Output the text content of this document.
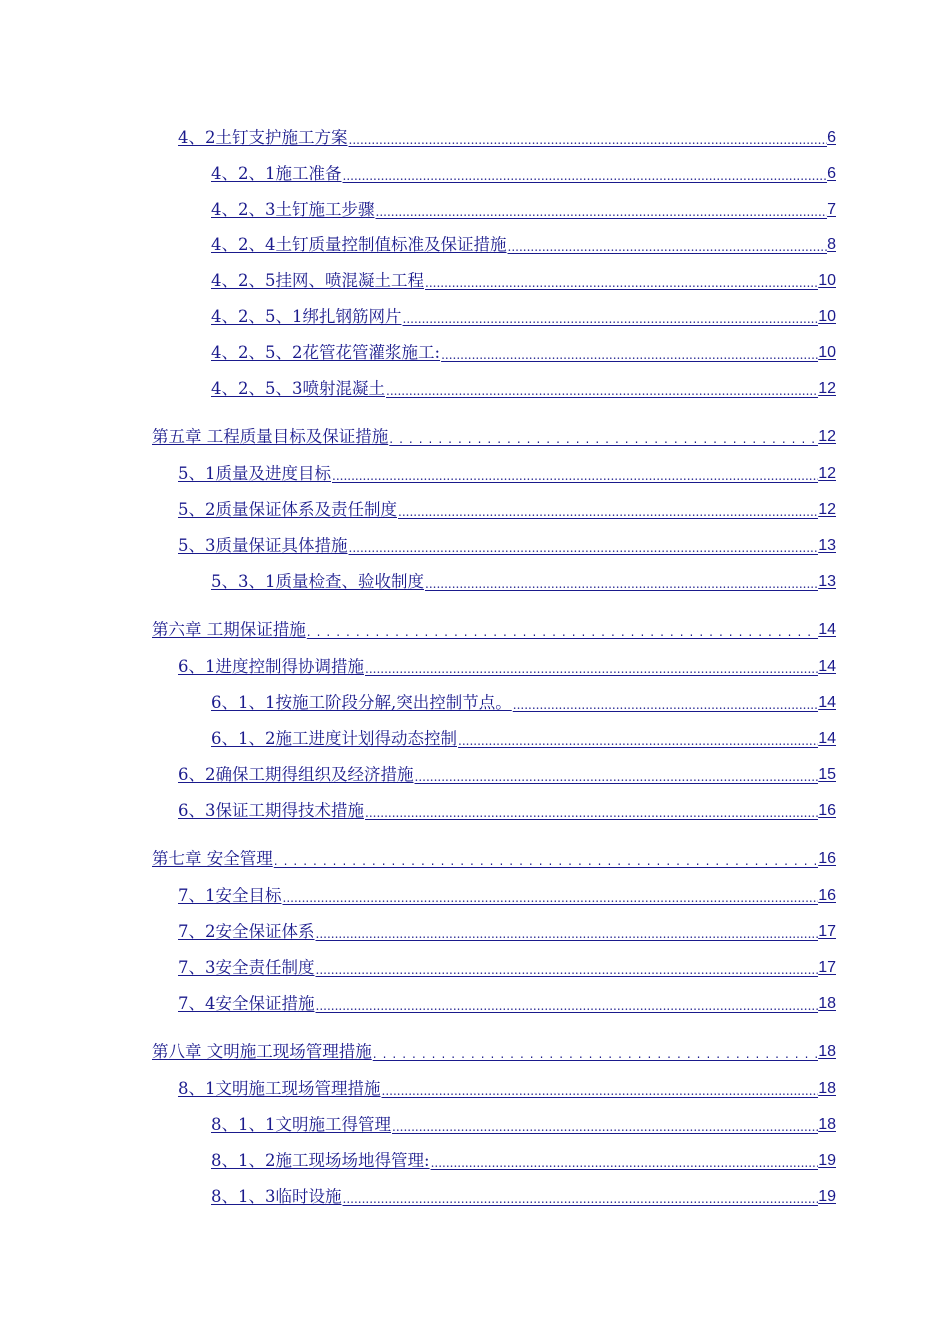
4、2土钉支护施工方案 .....	6
4、2、1施工准备 .....	6
4、2、3土钉施工步骤 .....	7
4、2、4土钉质量控制值标准及保证措施 .....	8
4、2、5挂网、喷混凝土工程 .....	10
4、2、5、1绑扎钢筋网片 .....	10
4、2、5、2花管花管灌浆施工: .....	10
4、2、5、3喷射混凝土 .....	12
第五章 工程质量目标及保证措施 .....	12
5、1质量及进度目标 .....	12
5、2质量保证体系及责任制度 .....	12
5、3质量保证具体措施 .....	13
5、3、1质量检查、验收制度 .....	13
第六章 工期保证措施 .....	14
6、1进度控制得协调措施 .....	14
6、1、1按施工阶段分解,突出控制节点。 .....	14
6、1、2施工进度计划得动态控制 .....	14
6、2确保工期得组织及经济措施 .....	15
6、3保证工期得技术措施 .....	16
第七章 安全管理 .....	16
7、1安全目标 .....	16
7、2安全保证体系 .....	17
7、3安全责任制度 .....	17
7、4安全保证措施 .....	18
第八章 文明施工现场管理措施 .....	18
8、1文明施工现场管理措施 .....	18
8、1、1文明施工得管理 .....	18
8、1、2施工现场场地得管理: .....	19
8、1、3临时设施 .....	19
